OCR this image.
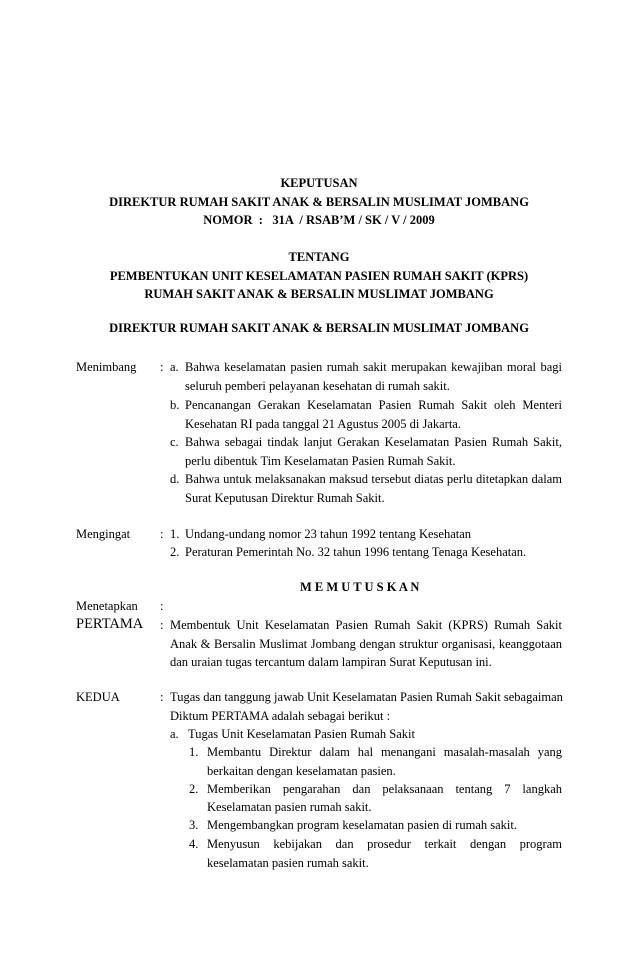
KEPUTUSAN
DIREKTUR RUMAH SAKIT ANAK & BERSALIN MUSLIMAT JOMBANG
NOMOR  :   31A  / RSAB’M / SK / V / 2009
TENTANG
PEMBENTUKAN UNIT KESELAMATAN PASIEN RUMAH SAKIT (KPRS)
RUMAH SAKIT ANAK & BERSALIN MUSLIMAT JOMBANG
DIREKTUR RUMAH SAKIT ANAK & BERSALIN MUSLIMAT JOMBANG
Menimbang : a. Bahwa keselamatan pasien rumah sakit merupakan kewajiban moral bagi
seluruh pemberi pelayanan kesehatan di rumah sakit.
b. Pencanangan Gerakan Keselamatan Pasien Rumah Sakit oleh Menteri
Kesehatan RI pada tanggal 21 Agustus 2005 di Jakarta.
c. Bahwa sebagai tindak lanjut Gerakan Keselamatan Pasien Rumah Sakit,
perlu dibentuk Tim Keselamatan Pasien Rumah Sakit.
d. Bahwa untuk melaksanakan maksud tersebut diatas perlu ditetapkan dalam
Surat Keputusan Direktur Rumah Sakit.
Mengingat : 1. Undang-undang nomor 23 tahun 1992 tentang Kesehatan
2. Peraturan Pemerintah No. 32 tahun 1996 tentang Tenaga Kesehatan.
M E M U T U S K A N
Menetapkan :
PERTAMA : Membentuk Unit Keselamatan Pasien Rumah Sakit (KPRS) Rumah Sakit
Anak & Bersalin Muslimat Jombang dengan struktur organisasi, keanggotaan
dan uraian tugas tercantum dalam lampiran Surat Keputusan ini.
KEDUA	: Tugas dan tanggung jawab Unit Keselamatan Pasien Rumah Sakit sebagaiman
Diktum PERTAMA adalah sebagai berikut :
a. Tugas Unit Keselamatan Pasien Rumah Sakit
1. Membantu Direktur dalam hal menangani masalah-masalah yang
berkaitan dengan keselamatan pasien.
2. Memberikan pengarahan dan pelaksanaan tentang 7 langkah
Keselamatan pasien rumah sakit.
3. Mengembangkan program keselamatan pasien di rumah sakit.
4. Menyusun kebijakan dan prosedur terkait dengan program
keselamatan pasien rumah sakit.
